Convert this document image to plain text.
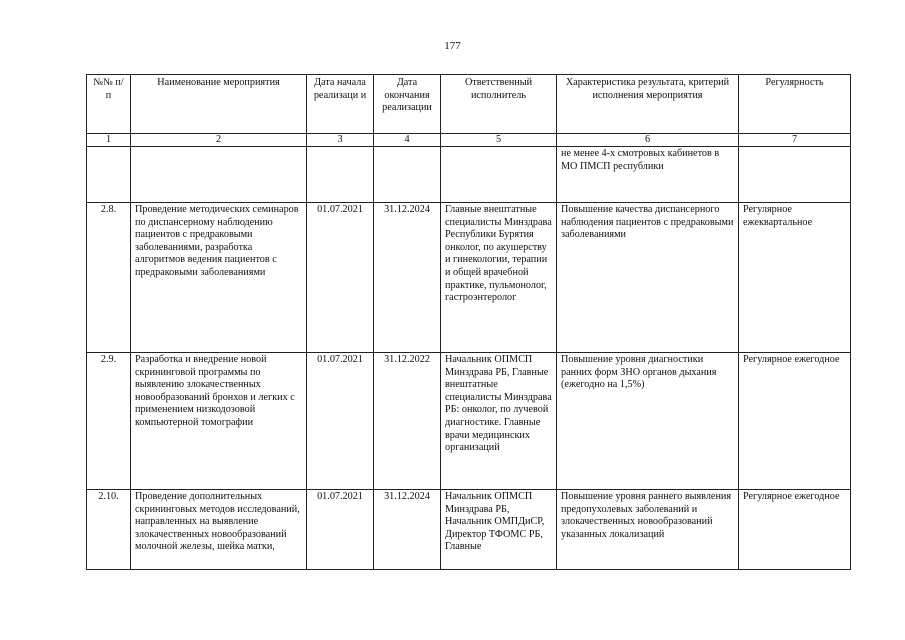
177
№№ п/п	Наименование мероприятия	Дата начала реализаци и	Дата окончания реализации	Ответственный исполнитель	Характеристика результата, критерий исполнения мероприятия	Регулярность
1	2	3	4	5	6	7
					не менее 4-х смотровых кабинетов в МО ПМСП республики	
2.8.	Проведение методических семинаров по диспансерному наблюдению пациентов с предраковыми заболеваниями, разработка алгоритмов ведения пациентов с предраковыми заболеваниями	01.07.2021	31.12.2024	Главные внештатные специалисты Минздрава Республики Бурятия онколог, по акушерству и гинекологии, терапии и общей врачебной практике, пульмонолог, гастроэнтеролог	Повышение качества диспансерного наблюдения пациентов с предраковыми заболеваниями	Регулярное ежеквартальное
2.9.	Разработка и внедрение новой скрининговой программы по выявлению злокачественных новообразований бронхов и легких с применением низкодозовой компьютерной томографии	01.07.2021	31.12.2022	Начальник ОПМСП Минздрава РБ, Главные внештатные специалисты Минздрава РБ: онколог, по лучевой диагностике. Главные врачи медицинских организаций	Повышение уровня диагностики ранних форм ЗНО органов дыхания (ежегодно на 1,5%)	Регулярное ежегодное
2.10.	Проведение дополнительных скрининговых методов исследований, направленных на выявление злокачественных новообразований молочной железы, шейка матки,	01.07.2021	31.12.2024	Начальник ОПМСП Минздрава РБ, Начальник ОМПДиСР, Директор ТФОМС РБ, Главные	Повышение уровня раннего выявления предопухолевых заболеваний и злокачественных новообразований указанных локализаций	Регулярное ежегодное
